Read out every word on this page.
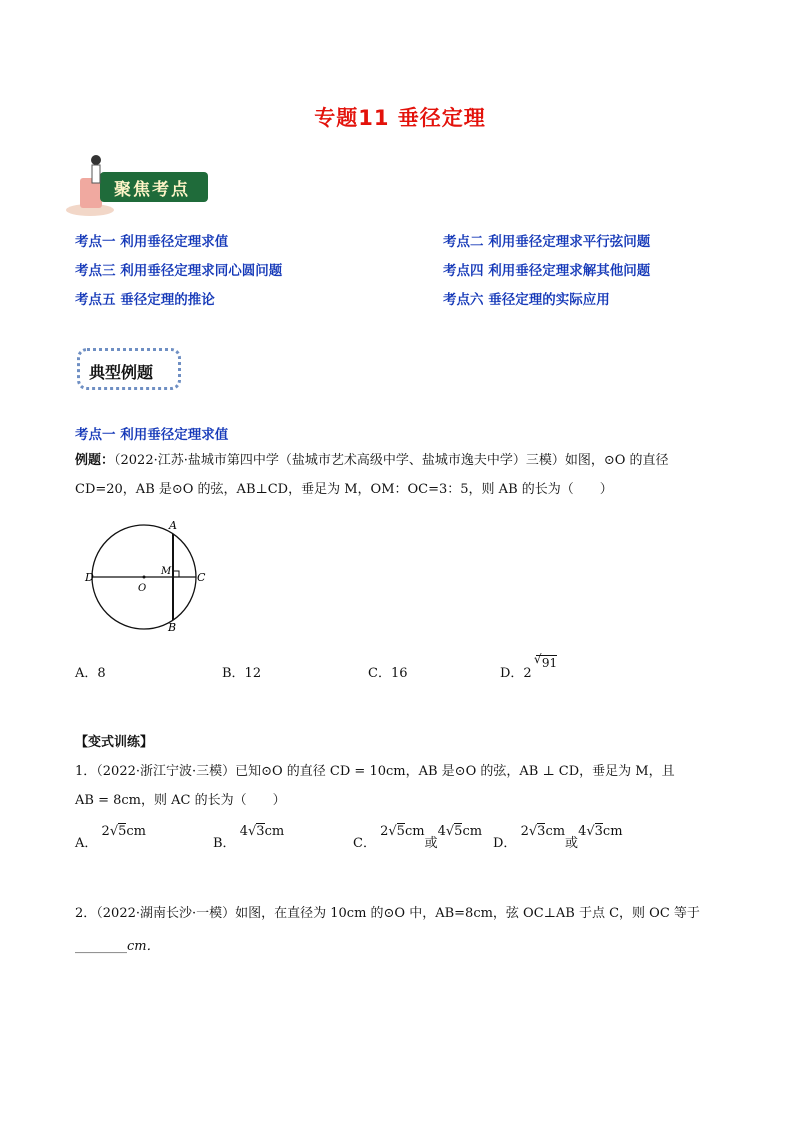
专题11 垂径定理
聚焦考点
考点一 利用垂径定理求值	考点二 利用垂径定理求平行弦问题
考点三 利用垂径定理求同心圆问题	考点四 利用垂径定理求解其他问题
考点五 垂径定理的推论	考点六 垂径定理的实际应用
典型例题
考点一 利用垂径定理求值
例题：（2022·江苏·盐城市第四中学（盐城市艺术高级中学、盐城市逸夫中学）三模）如图，⊙O 的直径
CD=20，AB 是⊙O 的弦，AB⊥CD，垂足为 M，OM：OC=3：5，则 AB 的长为（　　）
A
B
C
D	M
O
A．8	B．12	C．16	D．2
√ 91
【变式训练】
1．（2022·浙江宁波·三模）已知⊙O 的直径 CD = 10cm，AB 是⊙O 的弦，AB ⊥ CD，垂足为 M，且
AB = 8cm，则 AC 的长为（　　）
A． 2√5cm
B． 4√3cm
C． 2√5cm或4√5cm
D． 2√3cm或4√3cm
2．（2022·湖南长沙·一模）如图，在直径为 10cm 的⊙O 中，AB=8cm，弦 OC⊥AB 于点 C，则 OC 等于
________cm．
